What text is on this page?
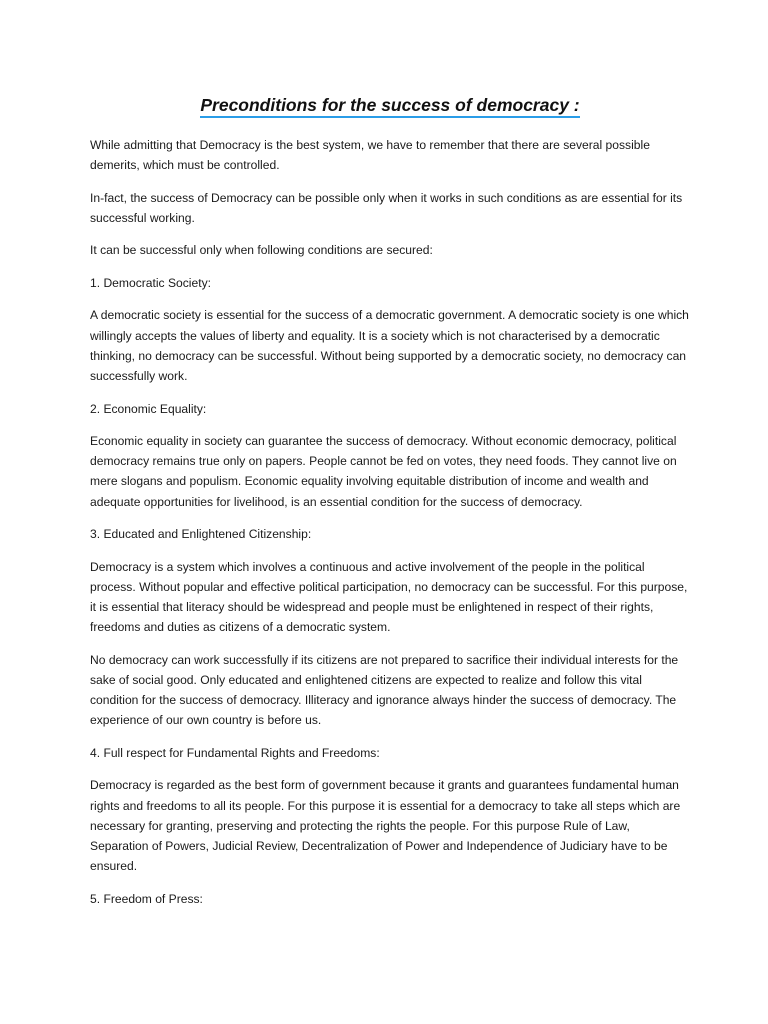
Preconditions for the success of democracy :

While admitting that Democracy is the best system, we have to remember that there are several possible demerits, which must be controlled.

In-fact, the success of Democracy can be possible only when it works in such conditions as are essential for its successful working.

It can be successful only when following conditions are secured:

1. Democratic Society:

A democratic society is essential for the success of a democratic government. A democratic society is one which willingly accepts the values of liberty and equality. It is a society which is not characterised by a democratic thinking, no democracy can be successful. Without being supported by a democratic society, no democracy can successfully work.

2. Economic Equality:

Economic equality in society can guarantee the success of democracy. Without economic democracy, political democracy remains true only on papers. People cannot be fed on votes, they need foods. They cannot live on mere slogans and populism. Economic equality involving equitable distribution of income and wealth and adequate opportunities for livelihood, is an essential condition for the success of democracy.

3. Educated and Enlightened Citizenship:

Democracy is a system which involves a continuous and active involvement of the people in the political process. Without popular and effective political participation, no democracy can be successful. For this purpose, it is essential that literacy should be widespread and people must be enlightened in respect of their rights, freedoms and duties as citizens of a democratic system.

No democracy can work successfully if its citizens are not prepared to sacrifice their individual interests for the sake of social good. Only educated and enlightened citizens are expected to realize and follow this vital condition for the success of democracy. Illiteracy and ignorance always hinder the success of democracy. The experience of our own country is before us.

4. Full respect for Fundamental Rights and Freedoms:

Democracy is regarded as the best form of government because it grants and guarantees fundamental human rights and freedoms to all its people. For this purpose it is essential for a democracy to take all steps which are necessary for granting, preserving and protecting the rights the people. For this purpose Rule of Law, Separation of Powers, Judicial Review, Decentralization of Power and Independence of Judiciary have to be ensured.

5. Freedom of Press:
